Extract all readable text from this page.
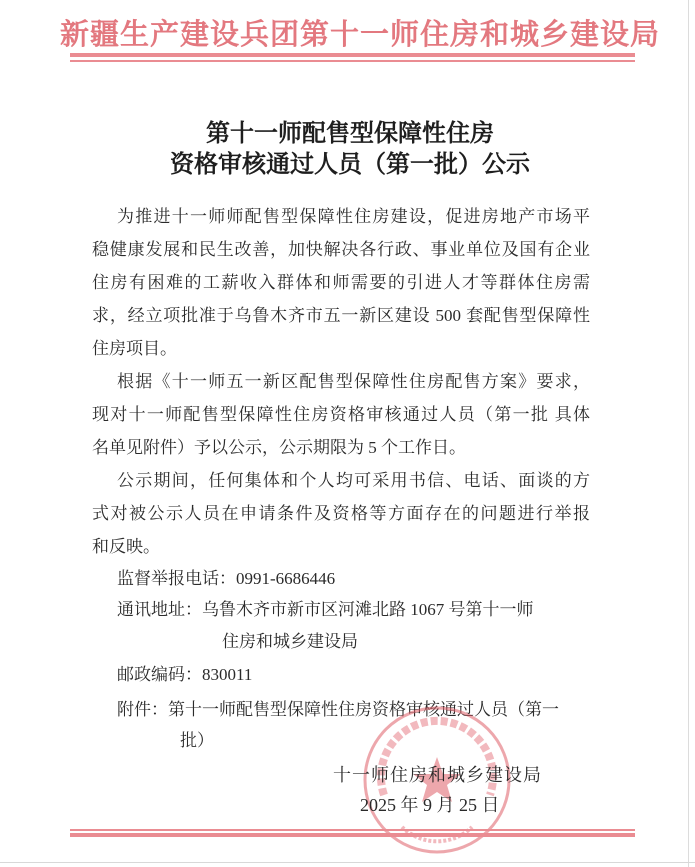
新疆生产建设兵团第十一师住房和城乡建设局
第十一师配售型保障性住房
资格审核通过人员（第一批）公示
为推进十一师师配售型保障性住房建设，促进房地产市场平
稳健康发展和民生改善，加快解决各行政、事业单位及国有企业
住房有困难的工薪收入群体和师需要的引进人才等群体住房需
求，经立项批准于乌鲁木齐市五一新区建设 500 套配售型保障性
住房项目。
根据《十一师五一新区配售型保障性住房配售方案》要求，
现对十一师配售型保障性住房资格审核通过人员（第一批 具体
名单见附件）予以公示，公示期限为 5 个工作日。
公示期间，任何集体和个人均可采用书信、电话、面谈的方
式对被公示人员在申请条件及资格等方面存在的问题进行举报
和反映。
监督举报电话：0991-6686446
通讯地址：乌鲁木齐市新市区河滩北路 1067 号第十一师
住房和城乡建设局
邮政编码：830011
附件：第十一师配售型保障性住房资格审核通过人员（第一
批）
十一师住房和城乡建设局
2025 年 9 月 25 日
